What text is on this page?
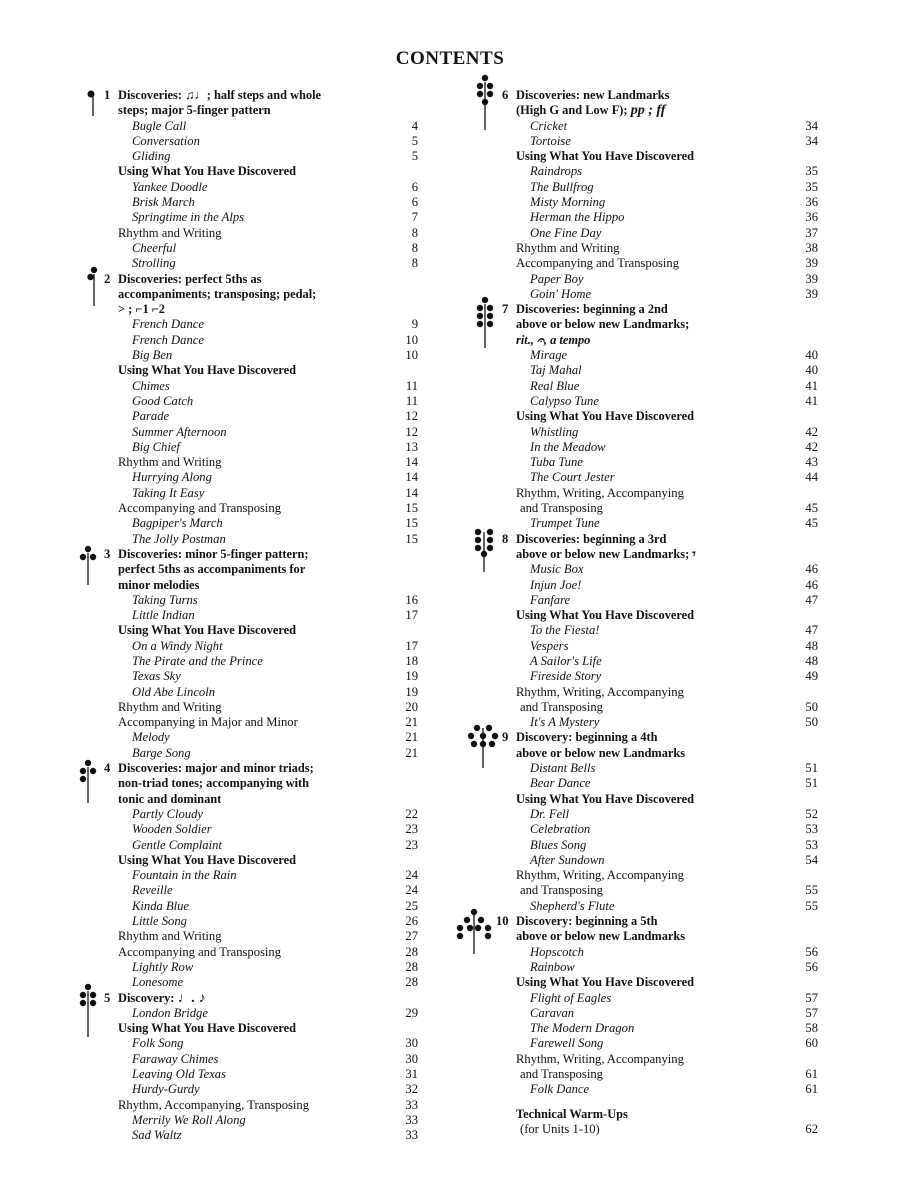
CONTENTS
1 Discoveries: ♫♩; half steps and whole
steps; major 5-finger pattern
Bugle Call	4
Conversation	5
Gliding	5
Using What You Have Discovered
Yankee Doodle	6
Brisk March	6
Springtime in the Alps	7
Rhythm and Writing	8
Cheerful	8
Strolling	8
2 Discoveries: perfect 5ths as
accompaniments; transposing; pedal;
> ; ⌐1 ⌐2
French Dance	9
French Dance	10
Big Ben	10
Using What You Have Discovered
Chimes	11
Good Catch	11
Parade	12
Summer Afternoon	12
Big Chief	13
Rhythm and Writing	14
Hurrying Along	14
Taking It Easy	14
Accompanying and Transposing	15
Bagpiper's March	15
The Jolly Postman	15
3 Discoveries: minor 5-finger pattern;
perfect 5ths as accompaniments for
minor melodies
Taking Turns	16
Little Indian	17
Using What You Have Discovered
On a Windy Night	17
The Pirate and the Prince	18
Texas Sky	19
Old Abe Lincoln	19
Rhythm and Writing	20
Accompanying in Major and Minor	21
Melody	21
Barge Song	21
4 Discoveries: major and minor triads;
non-triad tones; accompanying with
tonic and dominant
Partly Cloudy	22
Wooden Soldier	23
Gentle Complaint	23
Using What You Have Discovered
Fountain in the Rain	24
Reveille	24
Kinda Blue	25
Little Song	26
Rhythm and Writing	27
Accompanying and Transposing	28
Lightly Row	28
Lonesome	28
5 Discovery: ♩. ♪
London Bridge	29
Using What You Have Discovered
Folk Song	30
Faraway Chimes	30
Leaving Old Texas	31
Hurdy-Gurdy	32
Rhythm, Accompanying, Transposing	33
Merrily We Roll Along	33
Sad Waltz	33
6 Discoveries: new Landmarks
(High G and Low F); pp ; ff
Cricket	34
Tortoise	34
Using What You Have Discovered
Raindrops	35
The Bullfrog	35
Misty Morning	36
Herman the Hippo	36
One Fine Day	37
Rhythm and Writing	38
Accompanying and Transposing	39
Paper Boy	39
Goin' Home	39
7 Discoveries: beginning a 2nd
above or below new Landmarks;
rit., 𝄐, a tempo
Mirage	40
Taj Mahal	40
Real Blue	41
Calypso Tune	41
Using What You Have Discovered
Whistling	42
In the Meadow	42
Tuba Tune	43
The Court Jester	44
Rhythm, Writing, Accompanying
and Transposing	45
Trumpet Tune	45
8 Discoveries: beginning a 3rd
above or below new Landmarks; 𝄾
Music Box	46
Injun Joe!	46
Fanfare	47
Using What You Have Discovered
To the Fiesta!	47
Vespers	48
A Sailor's Life	48
Fireside Story	49
Rhythm, Writing, Accompanying
and Transposing	50
It's A Mystery	50
9 Discovery: beginning a 4th
above or below new Landmarks
Distant Bells	51
Bear Dance	51
Using What You Have Discovered
Dr. Fell	52
Celebration	53
Blues Song	53
After Sundown	54
Rhythm, Writing, Accompanying
and Transposing	55
Shepherd's Flute	55
10 Discovery: beginning a 5th
above or below new Landmarks
Hopscotch	56
Rainbow	56
Using What You Have Discovered
Flight of Eagles	57
Caravan	57
The Modern Dragon	58
Farewell Song	60
Rhythm, Writing, Accompanying
and Transposing	61
Folk Dance	61
Technical Warm-Ups
(for Units 1-10)	62
